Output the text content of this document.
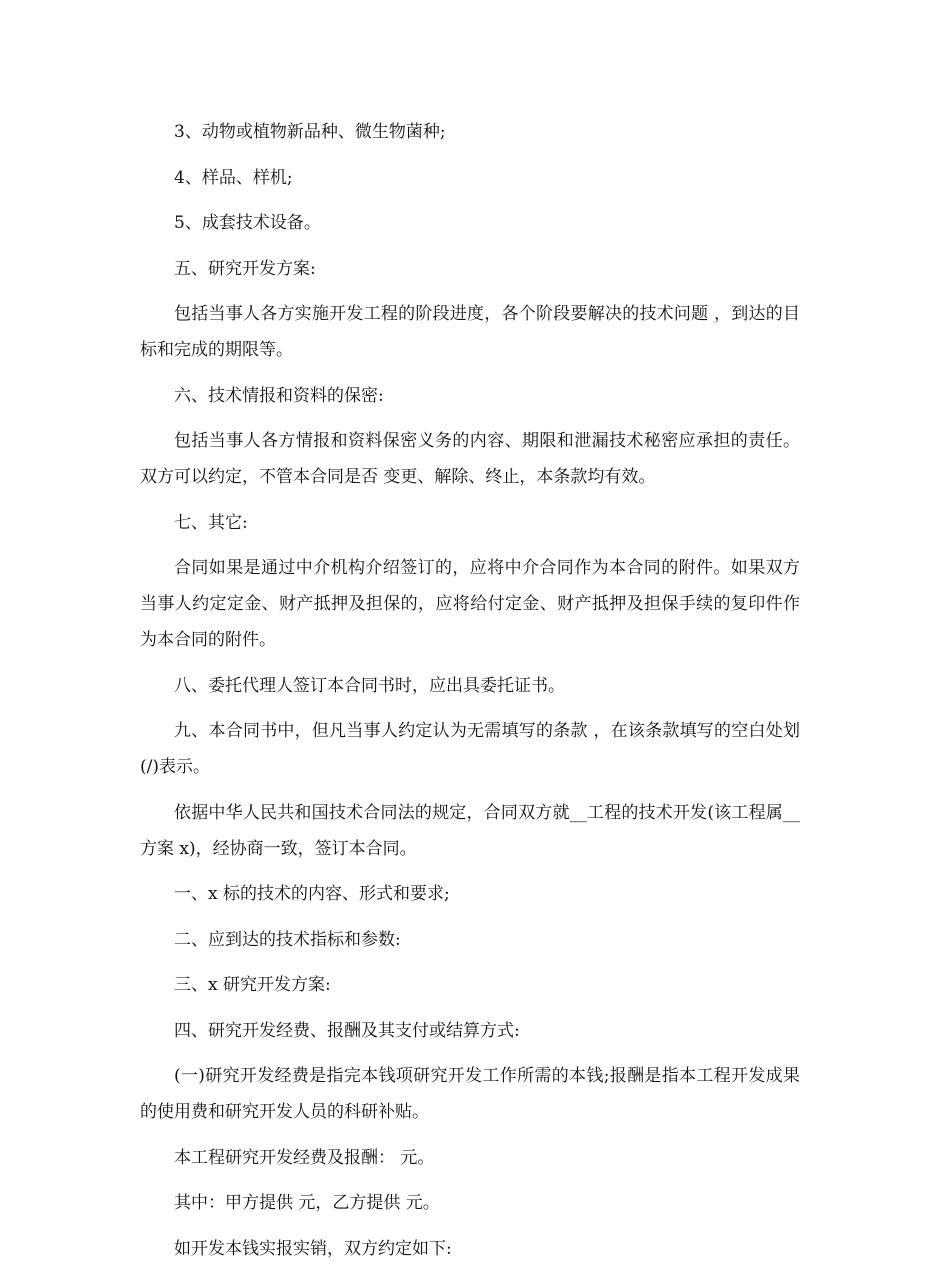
3、动物或植物新品种、微生物菌种;

4、样品、样机;

5、成套技术设备。

五、研究开发方案:

包括当事人各方实施开发工程的阶段进度，各个阶段要解决的技术问题 ，到达的目标和完成的期限等。

六、技术情报和资料的保密:

包括当事人各方情报和资料保密义务的内容、期限和泄漏技术秘密应承担的责任。 双方可以约定，不管本合同是否 变更、解除、终止，本条款均有效。

七、其它:

合同如果是通过中介机构介绍签订的，应将中介合同作为本合同的附件。如果双方当事人约定定金、财产抵押及担保的，应将给付定金、财产抵押及担保手续的复印件作为本合同的附件。

八、委托代理人签订本合同书时，应出具委托证书。

九、本合同书中，但凡当事人约定认为无需填写的条款 ，在该条款填写的空白处划(/)表示。

依据中华人民共和国技术合同法的规定，合同双方就__工程的技术开发(该工程属__方案 x)，经协商一致，签订本合同。

一、x 标的技术的内容、形式和要求;

二、应到达的技术指标和参数:

三、x 研究开发方案:

四、研究开发经费、报酬及其支付或结算方式:

(一)研究开发经费是指完本钱项研究开发工作所需的本钱;报酬是指本工程开发成果的使用费和研究开发人员的科研补贴。

本工程研究开发经费及报酬： 元。

其中：甲方提供 元，乙方提供 元。

如开发本钱实报实销，双方约定如下:
